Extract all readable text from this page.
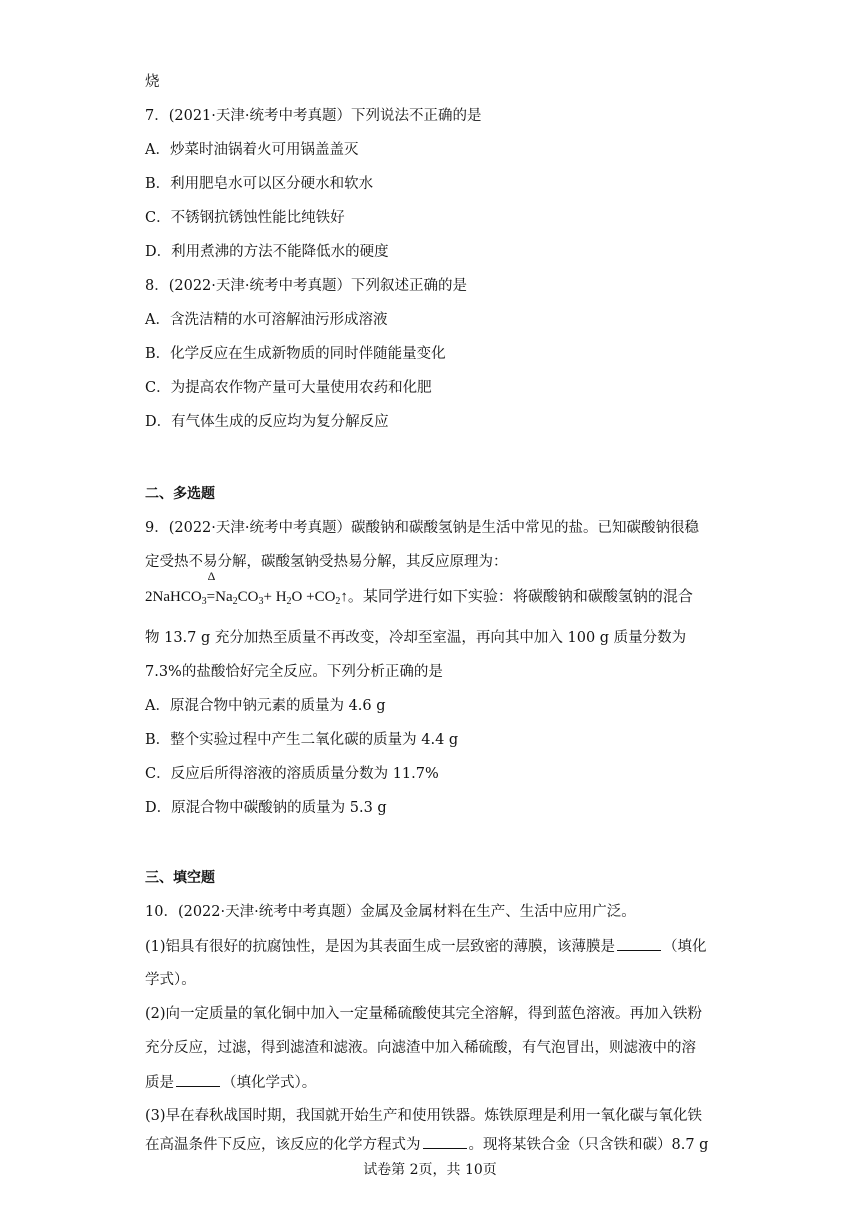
烧
7．(2021·天津·统考中考真题）下列说法不正确的是
A．炒菜时油锅着火可用锅盖盖灭
B．利用肥皂水可以区分硬水和软水
C．不锈钢抗锈蚀性能比纯铁好
D．利用煮沸的方法不能降低水的硬度
8．(2022·天津·统考中考真题）下列叙述正确的是
A．含洗洁精的水可溶解油污形成溶液
B．化学反应在生成新物质的同时伴随能量变化
C．为提高农作物产量可大量使用农药和化肥
D．有气体生成的反应均为复分解反应
二、多选题
9．(2022·天津·统考中考真题）碳酸钠和碳酸氢钠是生活中常见的盐。已知碳酸钠很稳
定受热不易分解，碳酸氢钠受热易分解，其反应原理为：
2NaHCO$_3$
Δ
$=Na_2CO_3+ H_2O$ $+CO_2↑$。某同学进行如下实验：将碳酸钠和碳酸氢钠的混合
物 13.7 g 充分加热至质量不再改变，冷却至室温，再向其中加入 100 g 质量分数为
7.3%的盐酸恰好完全反应。下列分析正确的是
A．原混合物中钠元素的质量为 4.6 g
B．整个实验过程中产生二氧化碳的质量为 4.4 g
C．反应后所得溶液的溶质质量分数为 11.7%
D．原混合物中碳酸钠的质量为 5.3 g
三、填空题
10．(2022·天津·统考中考真题）金属及金属材料在生产、生活中应用广泛。
(1)铝具有很好的抗腐蚀性，是因为其表面生成一层致密的薄膜，该薄膜是	（填化
学式）。
(2)向一定质量的氧化铜中加入一定量稀硫酸使其完全溶解，得到蓝色溶液。再加入铁粉
充分反应，过滤，得到滤渣和滤液。向滤渣中加入稀硫酸，有气泡冒出，则滤液中的溶
质是	（填化学式）。
(3)早在春秋战国时期，我国就开始生产和使用铁器。炼铁原理是利用一氧化碳与氧化铁
在高温条件下反应，该反应的化学方程式为	。现将某铁合金（只含铁和碳）8.7 g
试卷第 2页，共 10页
